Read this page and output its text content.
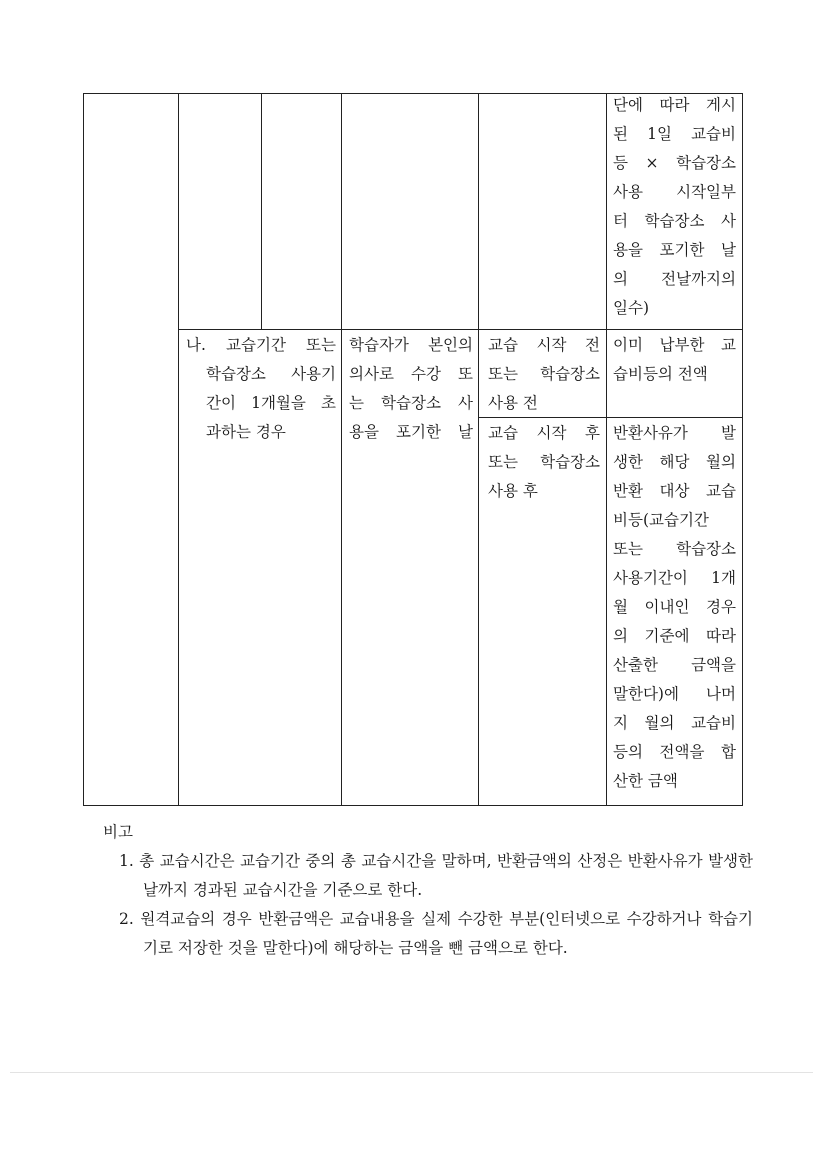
단에 따라 게시
된 1일 교습비
등 × 학습장소
사용 시작일부
터 학습장소 사
용을 포기한 날
의 전날까지의
일수)
나. 교습기간 또는
학습장소 사용기
간이 1개월을 초
과하는 경우
학습자가 본인의
의사로 수강 또
는 학습장소 사
용을 포기한 날
교습 시작 전
또는 학습장소
사용 전
이미 납부한 교
습비등의 전액
교습 시작 후
또는 학습장소
사용 후
반환사유가 발
생한 해당 월의
반환 대상 교습
비등(교습기간
또는 학습장소
사용기간이 1개
월 이내인 경우
의 기준에 따라
산출한 금액을
말한다)에 나머
지 월의 교습비
등의 전액을 합
산한 금액
비고
1. 총 교습시간은 교습기간 중의 총 교습시간을 말하며, 반환금액의 산정은 반환사유가 발생한 날까지 경과된 교습시간을 기준으로 한다.
2. 원격교습의 경우 반환금액은 교습내용을 실제 수강한 부분(인터넷으로 수강하거나 학습기기로 저장한 것을 말한다)에 해당하는 금액을 뺀 금액으로 한다.
